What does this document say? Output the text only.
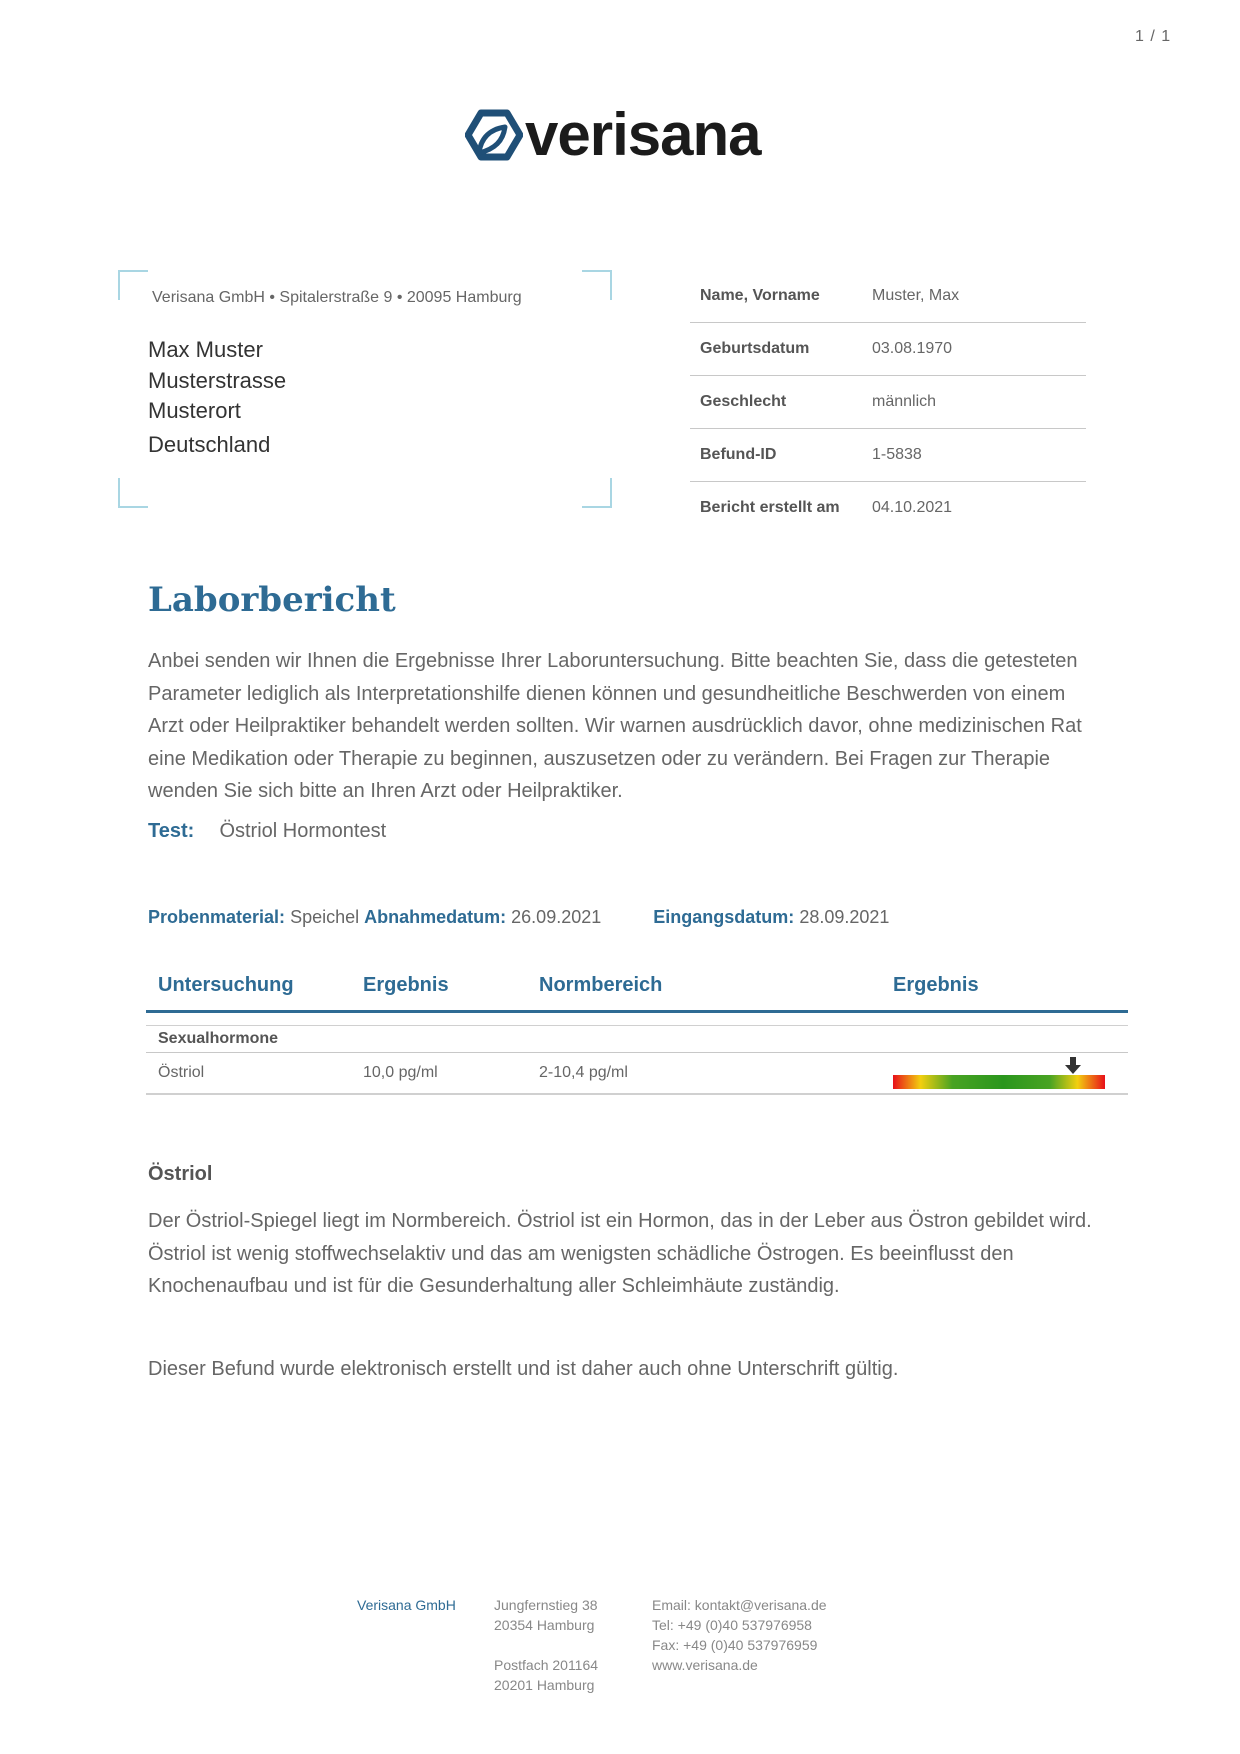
1 / 1
verisana
Verisana GmbH • Spitalerstraße 9 • 20095 Hamburg
Max Muster
Musterstrasse
Musterort
Deutschland
Name, Vorname	Muster, Max
Geburtsdatum	03.08.1970
Geschlecht	männlich
Befund-ID	1-5838
Bericht erstellt am	04.10.2021
Laborbericht
Anbei senden wir Ihnen die Ergebnisse Ihrer Laboruntersuchung. Bitte beachten Sie, dass die getesteten Parameter lediglich als Interpretationshilfe dienen können und gesundheitliche Beschwerden von einem Arzt oder Heilpraktiker behandelt werden sollten. Wir warnen ausdrücklich davor, ohne medizinischen Rat eine Medikation oder Therapie zu beginnen, auszusetzen oder zu verändern. Bei Fragen zur Therapie wenden Sie sich bitte an Ihren Arzt oder Heilpraktiker.
Test: Östriol Hormontest
Probenmaterial: Speichel Abnahmedatum: 26.09.2021	Eingangsdatum: 28.09.2021
Untersuchung	Ergebnis	Normbereich	Ergebnis
Sexualhormone
Östriol	10,0 pg/ml	2-10,4 pg/ml
Östriol
Der Östriol-Spiegel liegt im Normbereich. Östriol ist ein Hormon, das in der Leber aus Östron gebildet wird. Östriol ist wenig stoffwechselaktiv und das am wenigsten schädliche Östrogen. Es beeinflusst den Knochenaufbau und ist für die Gesunderhaltung aller Schleimhäute zuständig.
Dieser Befund wurde elektronisch erstellt und ist daher auch ohne Unterschrift gültig.
Verisana GmbH	Jungfernstieg 38
20354 Hamburg
Postfach 201164
20201 Hamburg
Email: kontakt@verisana.de
Tel: +49 (0)40 537976958
Fax: +49 (0)40 537976959
www.verisana.de
